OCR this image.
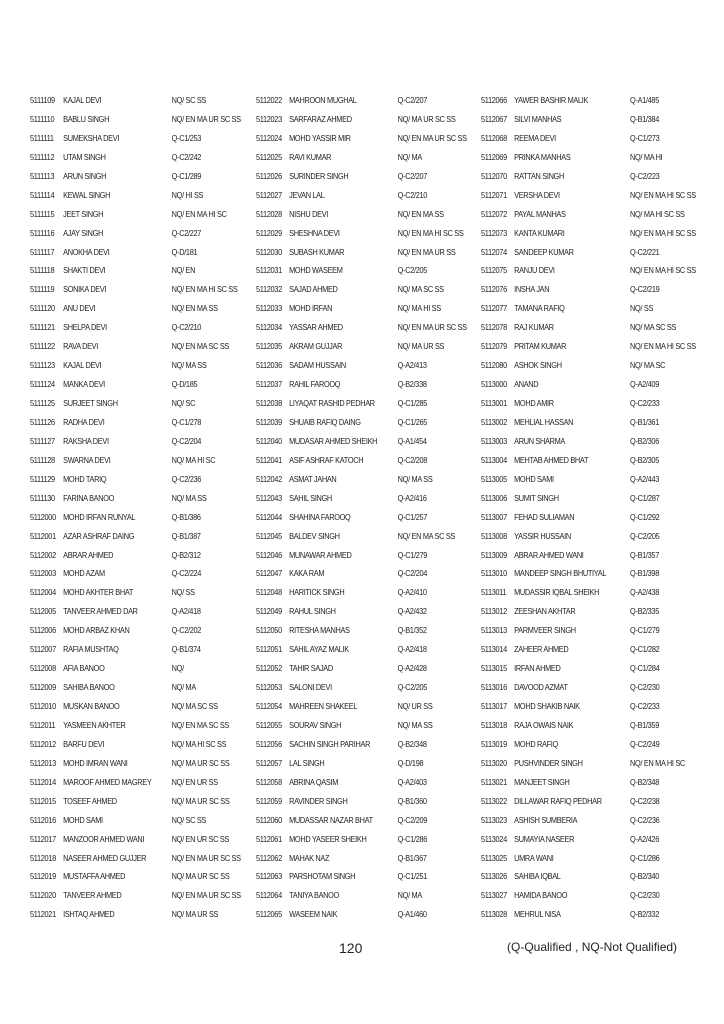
5111109	KAJAL DEVI	NQ/ SC SS
5111110	BABLU SINGH	NQ/ EN MA UR SC SS
5111111	SUMEKSHA DEVI	Q-C1/253
5111112	UTAM SINGH	Q-C2/242
5111113	ARUN SINGH	Q-C1/289
5111114	KEWAL SINGH	NQ/ HI SS
5111115	JEET SINGH	NQ/ EN MA HI SC
5111116	AJAY SINGH	Q-C2/227
5111117	ANOKHA DEVI	Q-D/181
5111118	SHAKTI DEVI	NQ/ EN
5111119	SONIKA DEVI	NQ/ EN MA HI SC SS
5111120	ANU DEVI	NQ/ EN MA SS
5111121	SHELPA DEVI	Q-C2/210
5111122	RAVA DEVI	NQ/ EN MA SC SS
5111123	KAJAL DEVI	NQ/ MA SS
5111124	MANKA DEVI	Q-D/185
5111125	SURJEET SINGH	NQ/ SC
5111126	RADHA DEVI	Q-C1/278
5111127	RAKSHA DEVI	Q-C2/204
5111128	SWARNA DEVI	NQ/ MA HI SC
5111129	MOHD TARIQ	Q-C2/236
5111130	FARINA BANOO	NQ/ MA SS
5112000 MOHD IRFAN RUNYAL	Q-B1/386
5112001 AZAR ASHRAF DAING	Q-B1/387
5112002 ABRAR AHMED	Q-B2/312
5112003 MOHD AZAM	Q-C2/224
5112004 MOHD AKHTER BHAT	NQ/ SS
5112005 TANVEER AHMED DAR	Q-A2/418
5112006 MOHD ARBAZ KHAN	Q-C2/202
5112007 RAFIA MUSHTAQ	Q-B1/374
5112008 AFIA BANOO	NQ/
5112009 SAHIBA BANOO	NQ/ MA
5112010 MUSKAN BANOO	NQ/ MA SC SS
5112011 YASMEEN AKHTER	NQ/ EN MA SC SS
5112012 BARFU DEVI	NQ/ MA HI SC SS
5112013 MOHD IMRAN WANI	NQ/ MA UR SC SS
5112014 MAROOF AHMED MAGREY	NQ/ EN UR SS
5112015 TOSEEF AHMED	NQ/ MA UR SC SS
5112016 MOHD SAMI	NQ/ SC SS
5112017 MANZOOR AHMED WANI	NQ/ EN UR SC SS
5112018 NASEER AHMED GUJJER	NQ/ EN MA UR SC SS
5112019 MUSTAFFA AHMED	NQ/ MA UR SC SS
5112020 TANVEER AHMED	NQ/ EN MA UR SC SS
5112021 ISHTAQ AHMED	NQ/ MA UR SS
5112022 MAHROON MUGHAL	Q-C2/207
5112023 SARFARAZ AHMED	NQ/ MA UR SC SS
5112024 MOHD YASSIR MIR	NQ/ EN MA UR SC SS
5112025 RAVI KUMAR	NQ/ MA
5112026 SURINDER SINGH	Q-C2/207
5112027 JEVAN LAL	Q-C2/210
5112028 NISHU DEVI	NQ/ EN MA SS
5112029 SHESHNA DEVI	NQ/ EN MA HI SC SS
5112030 SUBASH KUMAR	NQ/ EN MA UR SS
5112031 MOHD WASEEM	Q-C2/205
5112032 SAJAD AHMED	NQ/ MA SC SS
5112033 MOHD IRFAN	NQ/ MA HI SS
5112034 YASSAR AHMED	NQ/ EN MA UR SC SS
5112035 AKRAM GUJJAR	NQ/ MA UR SS
5112036 SADAM HUSSAIN	Q-A2/413
5112037 RAHIL FAROOQ	Q-B2/338
5112038 LIYAQAT RASHID PEDHAR	Q-C1/285
5112039 SHUAIB RAFIQ DAING	Q-C1/265
5112040 MUDASAR AHMED SHEIKH	Q-A1/454
5112041 ASIF ASHRAF KATOCH	Q-C2/208
5112042 ASMAT JAHAN	NQ/ MA SS
5112043 SAHIL SINGH	Q-A2/416
5112044 SHAHINA FAROOQ	Q-C1/257
5112045 BALDEV SINGH	NQ/ EN MA SC SS
5112046 MUNAWAR AHMED	Q-C1/279
5112047 KAKA RAM	Q-C2/204
5112048 HARITICK SINGH	Q-A2/410
5112049 RAHUL SINGH	Q-A2/432
5112050 RITESHA MANHAS	Q-B1/352
5112051 SAHIL AYAZ MALIK	Q-A2/418
5112052 TAHIR SAJAD	Q-A2/428
5112053 SALONI DEVI	Q-C2/205
5112054 MAHREEN SHAKEEL	NQ/ UR SS
5112055 SOURAV SINGH	NQ/ MA SS
5112056 SACHIN SINGH PARIHAR	Q-B2/348
5112057 LAL SINGH	Q-D/198
5112058 ABRINA QASIM	Q-A2/403
5112059 RAVINDER SINGH	Q-B1/360
5112060 MUDASSAR NAZAR BHAT	Q-C2/209
5112061 MOHD YASEER SHEIKH	Q-C1/286
5112062 MAHAK NAZ	Q-B1/367
5112063 PARSHOTAM SINGH	Q-C1/251
5112064 TANIYA BANOO	NQ/ MA
5112065 WASEEM NAIK	Q-A1/460
5112066 YAWER BASHIR MALIK	Q-A1/485
5112067 SILVI MANHAS	Q-B1/384
5112068 REEMA DEVI	Q-C1/273
5112069 PRINKA MANHAS	NQ/ MA HI
5112070 RATTAN SINGH	Q-C2/223
5112071 VERSHA DEVI	NQ/ EN MA HI SC SS
5112072 PAYAL MANHAS	NQ/ MA HI SC SS
5112073 KANTA KUMARI	NQ/ EN MA HI SC SS
5112074 SANDEEP KUMAR	Q-C2/221
5112075 RANJU DEVI	NQ/ EN MA HI SC SS
5112076 INSHA JAN	Q-C2/219
5112077 TAMANA RAFIQ	NQ/ SS
5112078 RAJ KUMAR	NQ/ MA SC SS
5112079 PRITAM KUMAR	NQ/ EN MA HI SC SS
5112080 ASHOK SINGH	NQ/ MA SC
5113000 ANAND	Q-A2/409
5113001 MOHD AMIR	Q-C2/233
5113002 MEHLIAL HASSAN	Q-B1/361
5113003 ARUN SHARMA	Q-B2/306
5113004 MEHTAB AHMED BHAT	Q-B2/305
5113005 MOHD SAMI	Q-A2/443
5113006 SUMIT SINGH	Q-C1/287
5113007 FEHAD SULIAMAN	Q-C1/292
5113008 YASSIR HUSSAIN	Q-C2/205
5113009 ABRAR AHMED WANI	Q-B1/357
5113010 MANDEEP SINGH BHUTIYAL	Q-B1/398
5113011 MUDASSIR IQBAL SHEIKH	Q-A2/438
5113012 ZEESHAN AKHTAR	Q-B2/335
5113013 PARMVEER SINGH	Q-C1/279
5113014 ZAHEER AHMED	Q-C1/282
5113015 IRFAN AHMED	Q-C1/284
5113016 DAVOOD AZMAT	Q-C2/230
5113017 MOHD SHAKIB NAIK	Q-C2/233
5113018 RAJA OWAIS NAIK	Q-B1/359
5113019 MOHD RAFIQ	Q-C2/249
5113020 PUSHVINDER SINGH	NQ/ EN MA HI SC
5113021 MANJEET SINGH	Q-B2/348
5113022 DILLAWAR RAFIQ PEDHAR	Q-C2/238
5113023 ASHISH SUMBERIA	Q-C2/236
5113024 SUMAYIA NASEER	Q-A2/426
5113025 UMRA WANI	Q-C1/286
5113026 SAHIBA IQBAL	Q-B2/340
5113027 HAMIDA BANOO	Q-C2/230
5113028 MEHRUL NISA	Q-B2/332
120	(Q-Qualified , NQ-Not Qualified)
